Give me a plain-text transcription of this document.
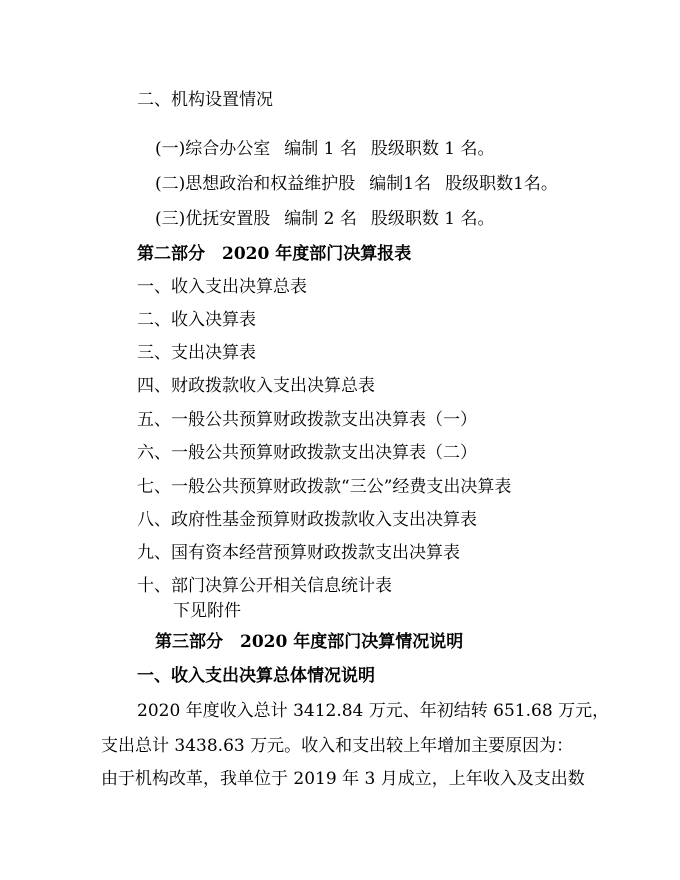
二、机构设置情况
(一)综合办公室 编制 1 名 股级职数 1 名。
(二)思想政治和权益维护股 编制1名 股级职数1名。
(三)优抚安置股 编制 2 名 股级职数 1 名。
第二部分　2020 年度部门决算报表
一、收入支出决算总表
二、收入决算表
三、支出决算表
四、财政拨款收入支出决算总表
五、一般公共预算财政拨款支出决算表（一）
六、一般公共预算财政拨款支出决算表（二）
七、一般公共预算财政拨款“三公”经费支出决算表
八、政府性基金预算财政拨款收入支出决算表
九、国有资本经营预算财政拨款支出决算表
十、部门决算公开相关信息统计表
下见附件
第三部分　2020 年度部门决算情况说明
一、收入支出决算总体情况说明
2020 年度收入总计 3412.84 万元、年初结转 651.68 万元，
支出总计 3438.63 万元。收入和支出较上年增加主要原因为：
由于机构改革，我单位于 2019 年 3 月成立，上年收入及支出数
